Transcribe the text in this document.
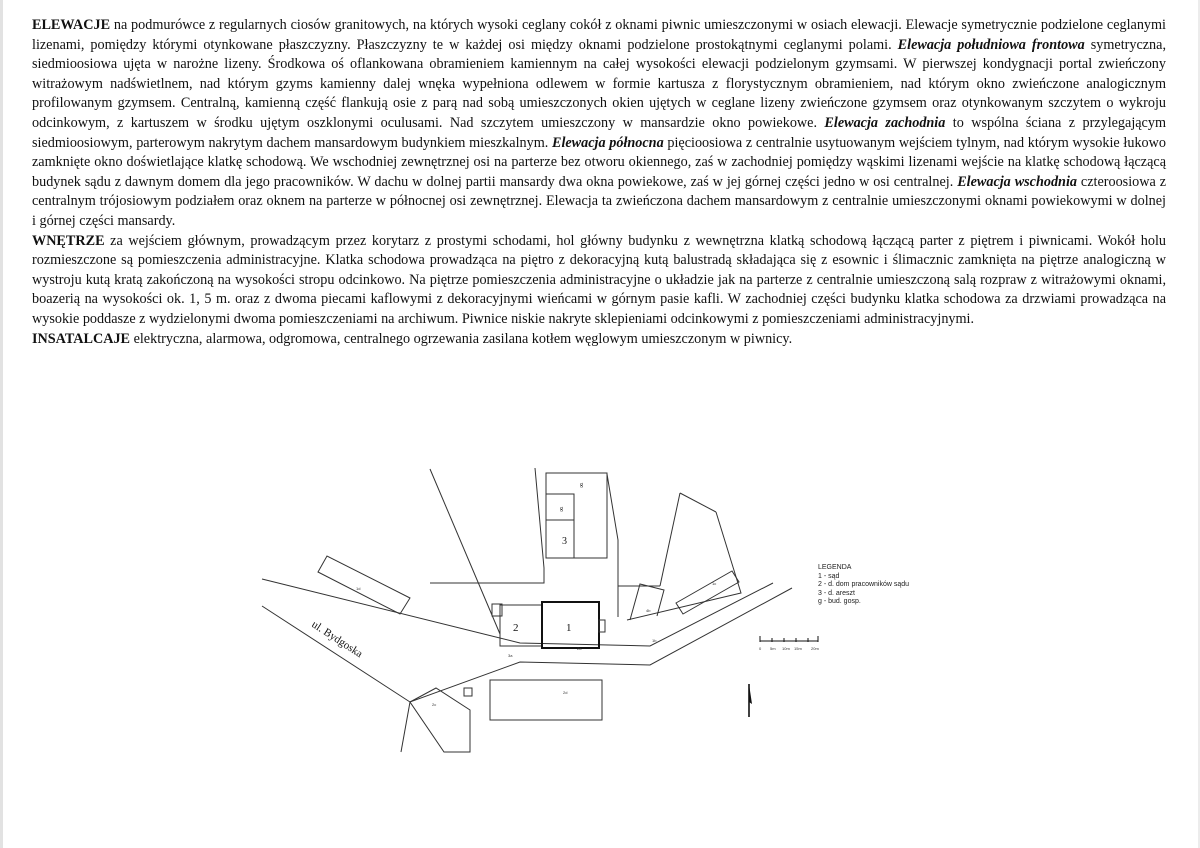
ELEWACJE na podmurówce z regularnych ciosów granitowych, na których wysoki ceglany cokół z oknami piwnic umieszczonymi w osiach elewacji. Elewacje symetrycznie podzielone ceglanymi lizenami, pomiędzy którymi otynkowane płaszczyzny. Płaszczyzny te w każdej osi między oknami podzielone prostokątnymi ceglanymi polami. Elewacja południowa frontowa symetryczna, siedmioosiowa ujęta w narożne lizeny. Środkowa oś oflankowana obramieniem kamiennym na całej wysokości elewacji podzielonym gzymsami. W pierwszej kondygnacji portal zwieńczony witrażowym nadświetlnem, nad którym gzyms kamienny dalej wnęka wypełniona odlewem w formie kartusza z florystycznym obramieniem, nad którym okno zwieńczone analogicznym profilowanym gzymsem. Centralną, kamienną część flankują osie z parą nad sobą umieszczonych okien ujętych w ceglane lizeny zwieńczone gzymsem oraz otynkowanym szczytem o wykroju odcinkowym, z kartuszem w środku ujętym oszklonymi oculusami. Nad szczytem umieszczony w mansardzie okno powiekowe. Elewacja zachodnia to wspólna ściana z przylegającym siedmioosiowym, parterowym nakrytym dachem mansardowym budynkiem mieszkalnym. Elewacja północna pięcioosiowa z centralnie usytuowanym wejściem tylnym, nad którym wysokie łukowo zamknięte okno doświetlające klatkę schodową. We wschodniej zewnętrznej osi na parterze bez otworu okiennego, zaś w zachodniej pomiędzy wąskimi lizenami wejście na klatkę schodową łączącą budynek sądu z dawnym domem dla jego pracowników. W dachu w dolnej partii mansardy dwa okna powiekowe, zaś w jej górnej części jedno w osi centralnej. Elewacja wschodnia czteroosiowa z centralnym trójosiowym podziałem oraz oknem na parterze w północnej osi zewnętrznej. Elewacja ta zwieńczona dachem mansardowym z centralnie umieszczonymi oknami powiekowymi w dolnej i górnej części mansardy.

WNĘTRZE za wejściem głównym, prowadzącym przez korytarz z prostymi schodami, hol główny budynku z wewnętrzna klatką schodową łączącą parter z piętrem i piwnicami. Wokół holu rozmieszczone są pomieszczenia administracyjne. Klatka schodowa prowadząca na piętro z dekoracyjną kutą balustradą składająca się z esownic i ślimacznic zamknięta na piętrze analogiczną w wystroju kutą kratą zakończoną na wysokości stropu odcinkowo. Na piętrze pomieszczenia administracyjne o układzie jak na parterze z centralnie umieszczoną salą rozpraw z witrażowymi oknami, boazerią na wysokości ok. 1, 5 m. oraz z dwoma piecami kaflowymi z dekoracyjnymi wieńcami w górnym pasie kafli. W zachodniej części budynku klatka schodowa za drzwiami prowadząca na wysokie poddasze z wydzielonymi dwoma pomieszczeniami na archiwum. Piwnice niskie nakryte sklepieniami odcinkowymi z pomieszczeniami administracyjnymi.

INSATALCAJE elektryczna, alarmowa, odgromowa, centralnego ogrzewania zasilana kotłem węglowym umieszczonym w piwnicy.

g
g
3
2	1
3a
2a
1b
1c
1d
2c
2d
4b
ul. Bydgoska	0 5m 10m 15m 20m
LEGENDA
1 - sąd
2 - d. dom pracowników sądu
3 - d. areszt
g - bud. gosp.
